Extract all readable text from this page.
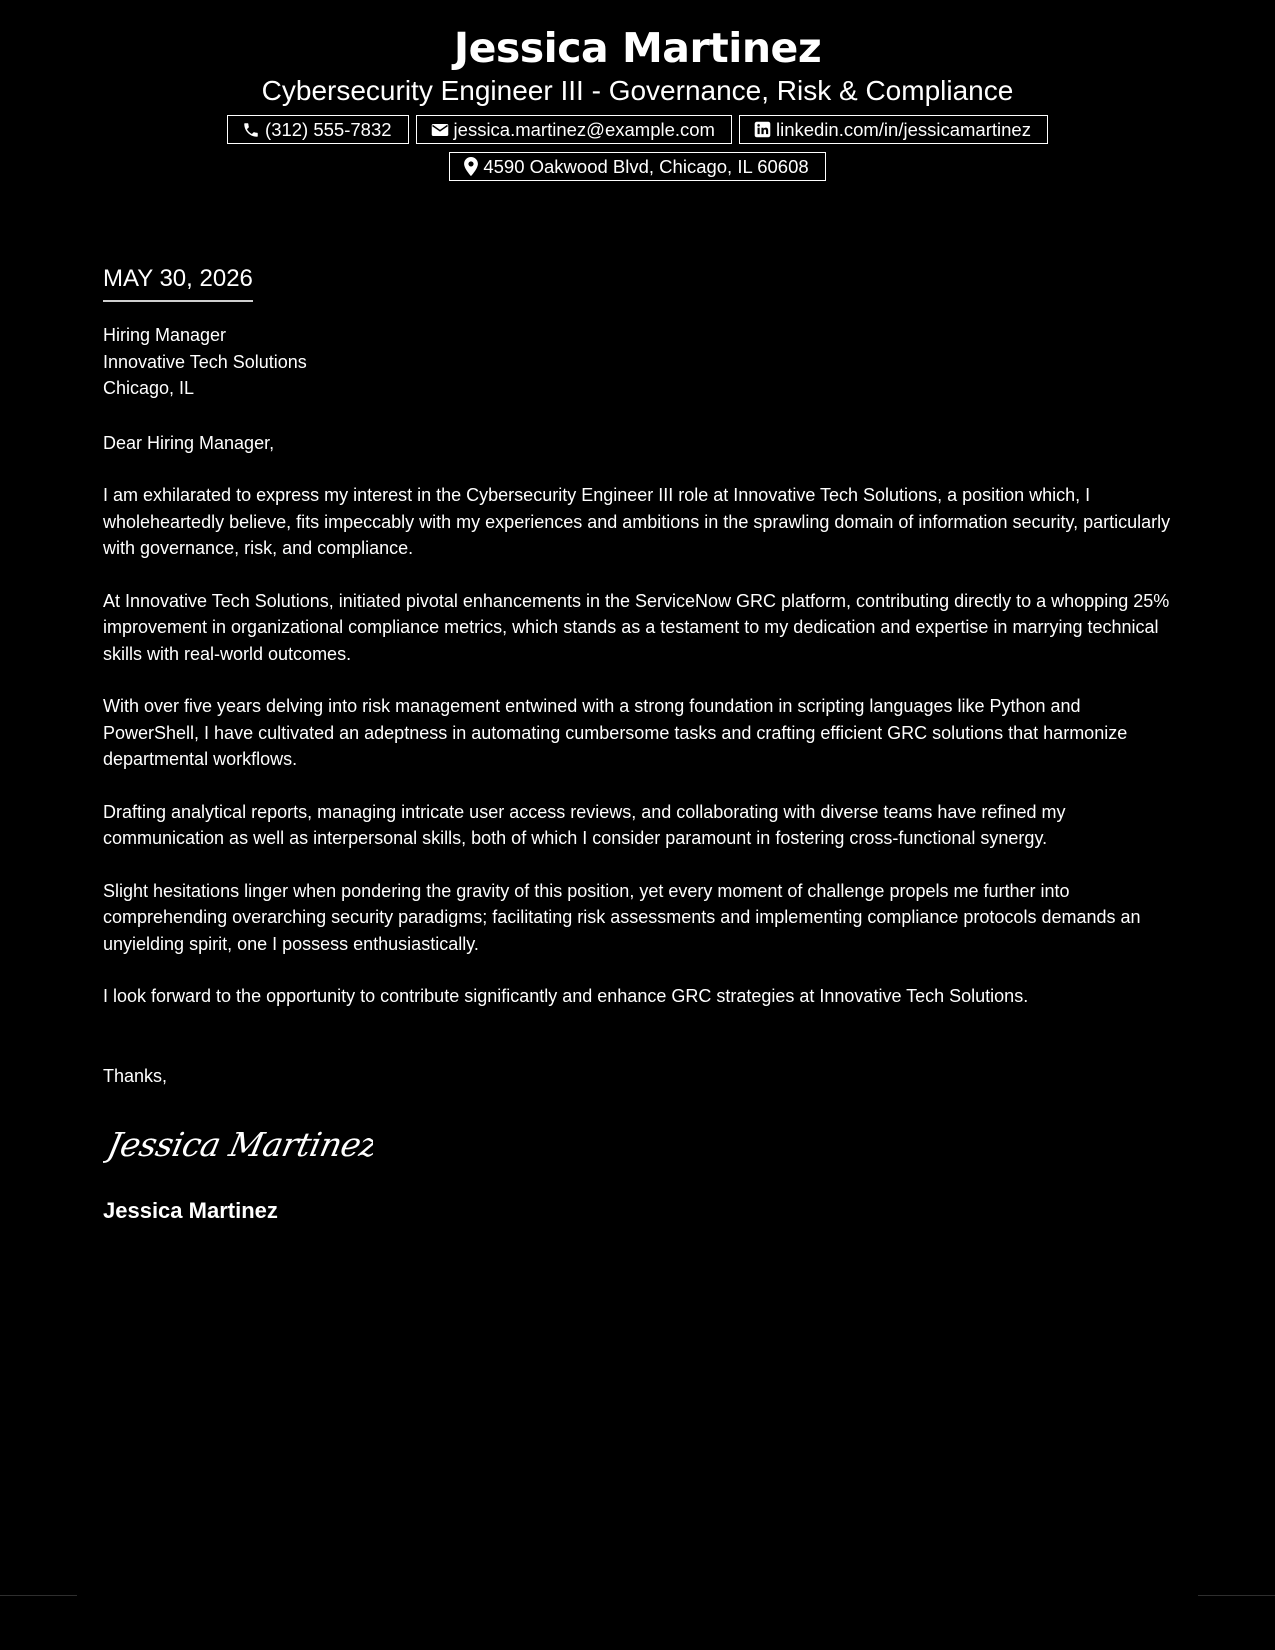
Jessica Martinez
Cybersecurity Engineer III - Governance, Risk & Compliance
(312) 555-7832	jessica.martinez@example.com	linkedin.com/in/jessicamartinez
4590 Oakwood Blvd, Chicago, IL 60608
MAY 30, 2026
Hiring Manager
Innovative Tech Solutions
Chicago, IL
Dear Hiring Manager,

I am exhilarated to express my interest in the Cybersecurity Engineer III role at Innovative Tech Solutions, a position which, I wholeheartedly believe, fits impeccably with my experiences and ambitions in the sprawling domain of information security, particularly with governance, risk, and compliance.

At Innovative Tech Solutions, initiated pivotal enhancements in the ServiceNow GRC platform, contributing directly to a whopping 25% improvement in organizational compliance metrics, which stands as a testament to my dedication and expertise in marrying technical skills with real-world outcomes.

With over five years delving into risk management entwined with a strong foundation in scripting languages like Python and PowerShell, I have cultivated an adeptness in automating cumbersome tasks and crafting efficient GRC solutions that harmonize departmental workflows.

Drafting analytical reports, managing intricate user access reviews, and collaborating with diverse teams have refined my communication as well as interpersonal skills, both of which I consider paramount in fostering cross-functional synergy.

Slight hesitations linger when pondering the gravity of this position, yet every moment of challenge propels me further into comprehending overarching security paradigms; facilitating risk assessments and implementing compliance protocols demands an unyielding spirit, one I possess enthusiastically.

I look forward to the opportunity to contribute significantly and enhance GRC strategies at Innovative Tech Solutions.

Thanks,
Jessica Martinez
Jessica Martinez
